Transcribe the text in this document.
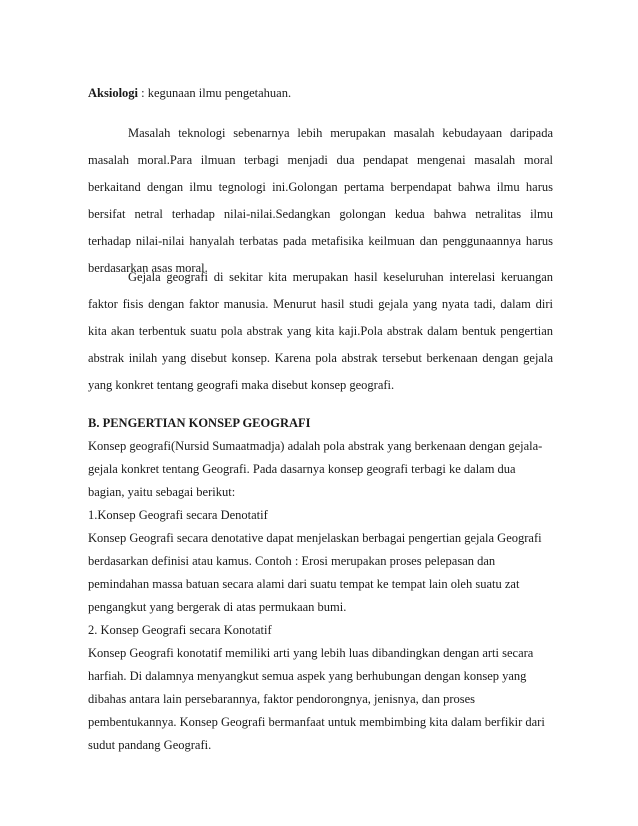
Aksiologi : kegunaan ilmu pengetahuan.
Masalah teknologi sebenarnya lebih merupakan masalah kebudayaan daripada
masalah moral.Para ilmuan terbagi menjadi dua pendapat mengenai masalah moral
berkaitand dengan ilmu tegnologi ini.Golongan pertama berpendapat bahwa ilmu harus
bersifat netral terhadap nilai-nilai.Sedangkan golongan kedua bahwa netralitas ilmu
terhadap nilai-nilai hanyalah terbatas pada metafisika keilmuan dan penggunaannya harus
berdasarkan asas moral.
Gejala geografi di sekitar kita merupakan hasil keseluruhan interelasi keruangan
faktor fisis dengan faktor manusia. Menurut hasil studi gejala yang nyata tadi, dalam diri
kita akan terbentuk suatu pola abstrak yang kita kaji.Pola abstrak dalam bentuk pengertian
abstrak inilah yang disebut konsep. Karena pola abstrak tersebut berkenaan dengan gejala
yang konkret tentang geografi maka disebut konsep geografi.
B. PENGERTIAN KONSEP GEOGRAFI
Konsep geografi(Nursid Sumaatmadja) adalah pola abstrak yang berkenaan dengan gejala-
gejala konkret tentang Geografi. Pada dasarnya konsep geografi terbagi ke dalam dua
bagian, yaitu sebagai berikut:
1.Konsep Geografi secara Denotatif
Konsep Geografi secara denotative dapat menjelaskan berbagai pengertian gejala Geografi
berdasarkan definisi atau kamus. Contoh : Erosi merupakan proses pelepasan dan
pemindahan massa batuan secara alami dari suatu tempat ke tempat lain oleh suatu zat
pengangkut yang bergerak di atas permukaan bumi.
2. Konsep Geografi secara Konotatif
Konsep Geografi konotatif memiliki arti yang lebih luas dibandingkan dengan arti secara
harfiah. Di dalamnya menyangkut semua aspek yang berhubungan dengan konsep yang
dibahas antara lain persebarannya, faktor pendorongnya, jenisnya, dan proses
pembentukannya. Konsep Geografi bermanfaat untuk membimbing kita dalam berfikir dari
sudut pandang Geografi.
